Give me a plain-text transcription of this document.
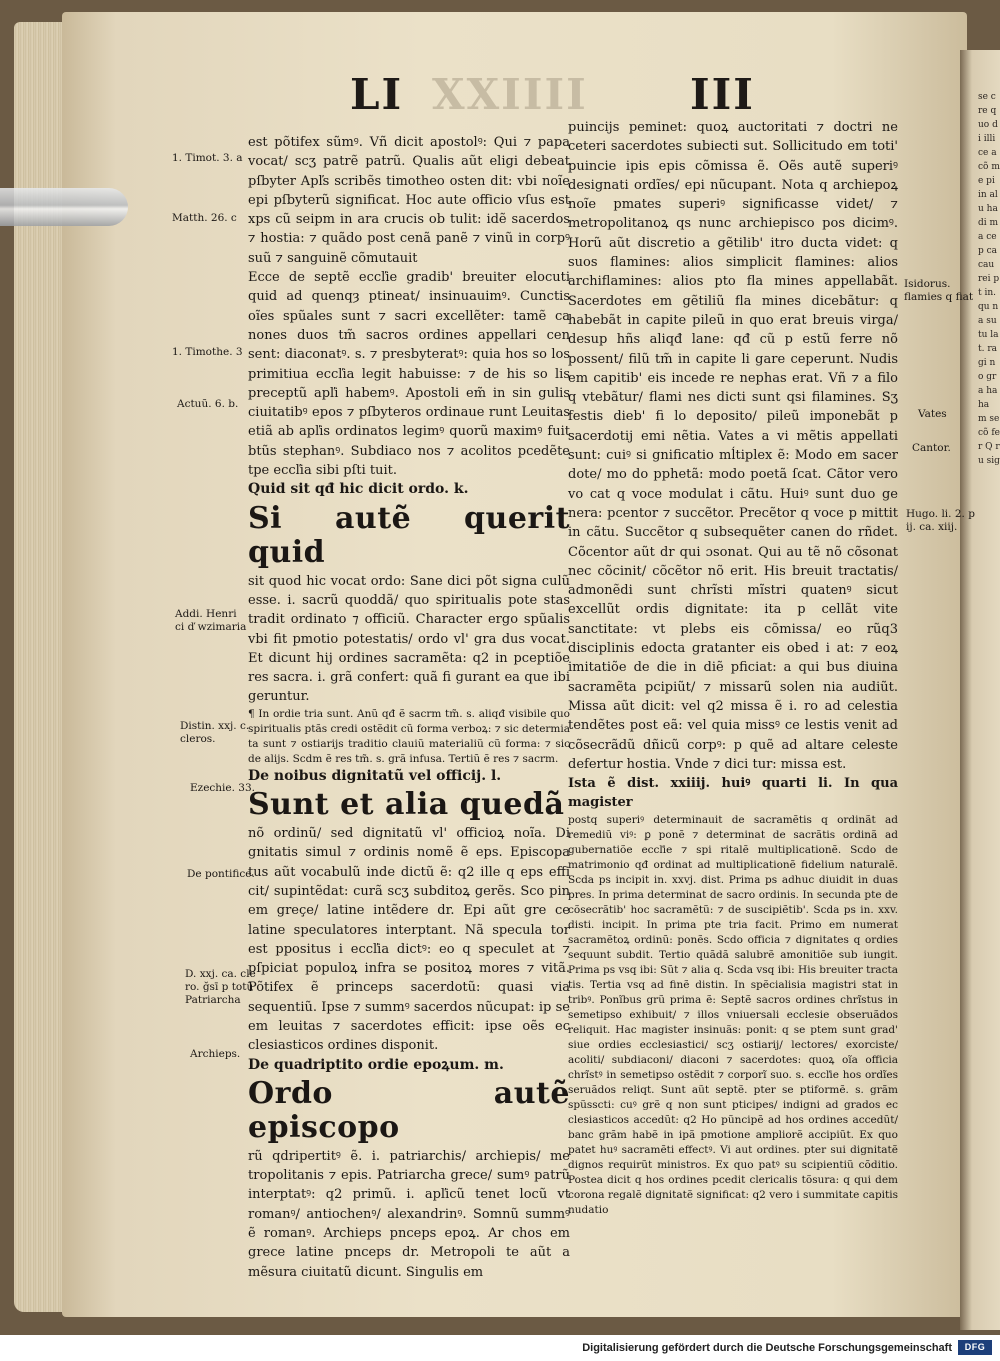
se cre quo di illi ce a cõ me pi in alu ha di ma cep ca cau rei pt in. qu na su tu lat. ra gi no gra ha ha m se cõ fer Q ru sig
LI XXIIII III

est põtifex sũmꝰ. Vñ dicit apostolꝰ: Qui ⁊ papa vocat/ scʒ patrẽ patrũ. Qualis aũt eligi debeat pſbyter Apľs scribẽs timotheo osten dit: vbi noĩe epi pſbyterũ significat. Hoc aute officio vſus est xps cũ seipm in ara crucis ob tulit: idẽ sacerdos ⁊ hostia: ⁊ quãdo post cenã panẽ ⁊ vinũ in corpꝰ suũ ⁊ sanguinẽ cõmutauit

Ecce de septẽ eccľie gradib' breuiter elocuti quid ad quenqȝ ptineat/ insinuauimꝰ. Cunctis oĩes spũales sunt ⁊ sacri excellẽter: tamẽ ca nones duos tm̃ sacros ordines appellari cen sent: diaconatꝰ. s. ⁊ presbyteratꝰ: quia hos so los primitiua eccľia legit habuisse: ⁊ de his so lis preceptũ apľi habemꝰ. Apostoli em̃ in sin gulis ciuitatibꝰ epos ⁊ pſbyteros ordinaue runt Leuitas etiã ab apľis ordinatos legimꝰ quorũ maximꝰ fuit btũs stephanꝰ. Subdiaco nos ⁊ acolitos pcedẽte tpe eccľia sibi pſti tuit.

Quid sit qđ hic dicit ordo. k.

Si autẽ querit quid

sit quod hic vocat ordo: Sane dici põt signa culũ esse. i. sacrũ quoddã/ quo spiritualis pote stas tradit ordinato ⁊ officiũ. Character ergo spũalis vbi fit pmotio potestatis/ ordo vl' gra dus vocat. Et dicunt hij ordines sacramẽta: q2 in pceptiõe res sacra. i. grã confert: quã fi gurant ea que ibi geruntur.

¶ In ordie tria sunt. Anũ qđ ẽ sacrm tm̃. s. aliqđ visibile quo spiritualis ptãs credi ostẽdit cũ forma verboꝝ: ⁊ sic determia ta sunt ⁊ ostiarijs traditio clauiũ materialiũ cũ forma: ⁊ sic de alijs. Scdm ẽ res tm̃. s. grã infusa. Tertiũ ẽ res ⁊ sacrm.

De noibus dignitatũ vel officij. l.

Sunt et alia quedã

nõ ordinũ/ sed dignitatũ vl' officioꝝ noĩa. Di gnitatis simul ⁊ ordinis nomẽ ẽ eps. Episcopa tus aũt vocabulũ inde dictũ ẽ: q2 ille q eps effi cit/ supintẽdat: curã scʒ subditoꝝ gerẽs. Sco pin em greçe/ latine intẽdere dr. Epi aũt gre ce latine speculatores interptant. Nã specula tor est ppositus i eccľia dictꝰ: eo q speculet at ⁊ pſpiciat populoꝝ infra se positoꝝ mores ⁊ vitã. Põtifex ẽ princeps sacerdotũ: quasi via sequentiũ. Ipse ⁊ summꝰ sacerdos nũcupat: ip se em leuitas ⁊ sacerdotes efficit: ipse oẽs ec clesiasticos ordines disponit.

De quadriptito ordie epoꝝum. m.

Ordo autẽ episcopo

rũ qdripertitꝰ ẽ. i. patriarchis/ archiepis/ me tropolitanis ⁊ epis. Patriarcha grece/ sumꝰ patrũ interptatꝰ: q2 primũ. i. apľicũ tenet locũ vt romanꝰ/ antiochenꝰ/ alexandrinꝰ. Somnũ summꝰ ẽ romanꝰ. Archieps pnceps epoꝝ. Ar chos em grece latine pnceps dr. Metropoli te aũt a mẽsura ciuitatũ dicunt. Singulis em

puincijs peminet: quoꝝ auctoritati ⁊ doctri ne ceteri sacerdotes subiecti sut. Sollicitudo em toti' puincie ipis epis cõmissa ẽ. Oẽs autẽ superiꝰ designati ordĩes/ epi nũcupant. Nota q archiepoꝝ noĩe pmates superiꝰ significasse videt/ ⁊ metropolitanoꝝ qs nunc archiepisco pos dicimꝰ. Horũ aũt discretio a gẽtilib' itro ducta videt: q suos flamines: alios simplicit flamines: alios archiflamines: alios pto fla mines appellabãt. Sacerdotes em gẽtiliũ fla mines dicebãtur: q habebãt in capite pileũ in quo erat breuis virga/ desup hñs aliqđ lane: qđ cũ p estũ ferre nõ possent/ filũ tm̃ in capite li gare ceperunt. Nudis em capitib' eis incede re nephas erat. Vñ ⁊ a filo q vtebãtur/ flami nes dicti sunt qsi filamines. Sʒ festis dieb' fi lo deposito/ pileũ imponebãt p sacerdotij emi nẽtia. Vates a vi mẽtis appellati sunt: cuiꝰ si gnificatio mĺtiplex ẽ: Modo em sacer dote/ mo do pphetã: modo poetã ſcat. Cãtor vero vo cat q voce modulat i cãtu. Huiꝰ sunt duo ge nera: pcentor ⁊ succẽtor. Precẽtor q voce p mittit in cãtu. Succẽtor q subsequẽter canen do rñdet. Cõcentor aũt dr qui ɔsonat. Qui au tẽ nõ cõsonat nec cõcinit/ cõcẽtor nõ erit. His breuit tractatis/ admonẽdi sunt chrĩsti mĩstri quatenꝰ sicut excellũt ordis dignitate: ita p cellãt vite sanctitate: vt plebs eis cõmissa/ eo rũq3 disciplinis edocta gratanter eis obed i at: ⁊ eoꝝ imitatiõe de die in diẽ pficiat: a qui bus diuina sacramẽta pcipiũt/ ⁊ missarũ solen nia audiũt. Missa aũt dicit: vel q2 missa ẽ i. ro ad celestia tendẽtes post eã: vel quia missꝰ ce lestis venit ad cõsecrãdũ dñicũ corpꝰ: p quẽ ad altare celeste defertur hostia. Vnde ⁊ dici tur: missa est.

Ista ẽ dist. xxiiij. huiꝰ quarti li. In qua magister

postq superiꝰ determinauit de sacramẽtis q ordinãt ad remediũ viꝰ: ꝑ ponẽ ⁊ determinat de sacrãtis ordinã ad gubernatiõe eccľie ⁊ spi ritalẽ multiplicationẽ. Scdo de matrimonio qđ ordinat ad multiplicationẽ fidelium naturalẽ. Scda ps incipit in. xxvj. dist. Prima ps adhuc diuidit in duas pres. In prima determinat de sacro ordinis. In secunda pte de cõsecrãtib' hoc sacramẽtũ: ⁊ de suscipiẽtib'. Scda ps in. xxv. disti. incipit. In prima pte tria facit. Primo em numerat sacramẽtoꝝ ordinũ: ponẽs. Scdo officia ⁊ dignitates q ordies sequunt subdit. Tertio quãdã salubrẽ amonitiõe sub iungit. Prima ps vsq ibi: Sũt ⁊ alia q. Scda vsq ibi: His breuiter tracta tis. Tertia vsq ad finẽ distin. In spẽcialisia magistri stat in tribꝰ. Ponĩbus grũ prima ẽ: Septẽ sacros ordines chrĩstus in semetipso exhibuit/ ⁊ illos vniuersali ecclesie obseruãdos reliquit. Hac magister insinuãs: ponit: q se ptem sunt grad' siue ordies ecclesiastici/ scʒ ostiarij/ lectores/ exorciste/ acoliti/ subdiaconi/ diaconi ⁊ sacerdotes: quoꝝ oĩa officia chrĩstꝰ in semetipso ostẽdit ⁊ corporĩ suo. s. eccľie hos ordĩes seruãdos reliqt. Sunt aũt septẽ. pter se ptiformẽ. s. grãm spũsscti: cuꝰ grẽ q non sunt pticipes/ indigni ad grados ec clesiasticos accedũt: q2 Ho pũncipẽ ad hos ordines accedũt/ banc grãm habẽ in ipã pmotione ampliorẽ accipiũt. Ex quo patet huꝰ sacramẽti effectꝰ. Vi aut ordines. pter sui dignitatẽ dignos requirũt ministros. Ex quo patꝰ su scipientiũ cõditio. Postea dicit q hos ordines pcedit clericalis tõsura: q qui dem corona regalẽ dignitatẽ significat: q2 vero i summitate capitis nudatio

1. Timot. 3. a
Matth. 26. c
1. Timothe. 3
Actuũ. 6. b.
Addi. Henri
ci ď wzimaria
Distin. xxj. c.
cleros.
Ezechie. 33.
De pontifice.
D. xxj. ca. cle
ro. ğsī p totũ
Patriarcha
Archieps.
Isidorus.
flamies q fiat
Vates
Cantor.
Hugo. li. 2. p
ij. ca. xiij.
Digitalisierung gefördert durch die Deutsche Forschungsgemeinschaft	DFG
